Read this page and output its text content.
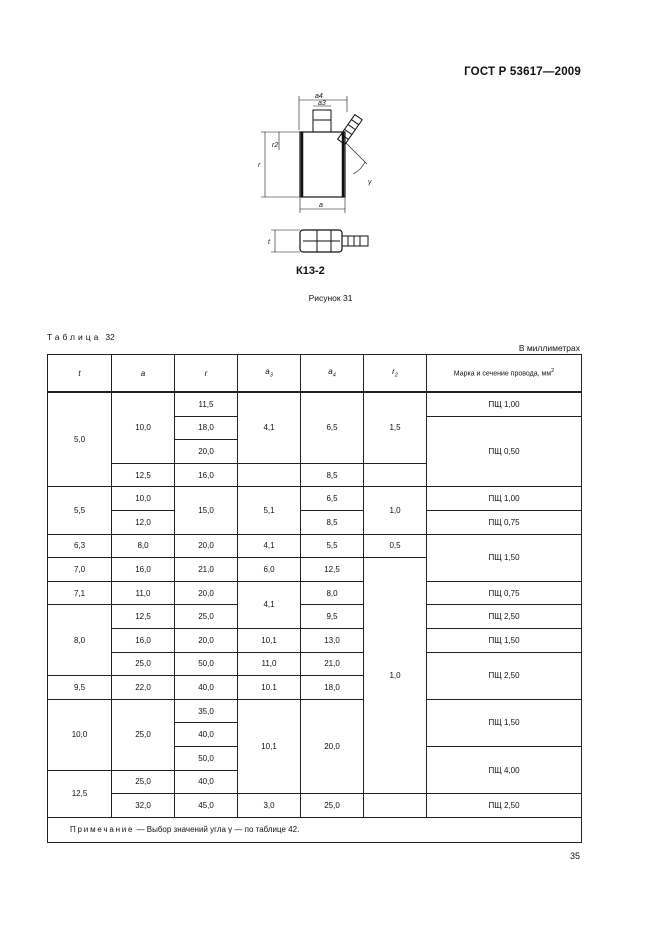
ГОСТ Р 53617—2009
a4
a3
r2
r
γ
a
t
К13-2
Рисунок 31
Таблица 32
В миллиметрах
t	a	r	$a_3$	$a_4$	$r_2$	Марка и сечение провода, $мм^2$
5,0	10,0	11,5	4,1	6,5	1,5	ПЩ 1,00
		18,0				ПЩ 0,50
		20,0				
	12,5	16,0		8,5		
5,5	10,0	15,0	5,1	6,5	1,0	ПЩ 1,00
	12,0			8,5		ПЩ 0,75
6,3	8,0	20,0	4,1	5,5	0,5	ПЩ 1,50
7,0	16,0	21,0	6,0	12,5	1,0	
7,1	11,0	20,0	4,1	8,0		ПЩ 0,75
8,0	12,5	25,0		9,5		ПЩ 2,50
	16,0	20,0	10,1	13,0		ПЩ 1,50
	25,0	50,0	11,0	21,0		ПЩ 2,50
9,5	22,0	40,0	10.1	18,0		
10,0	25,0	35,0	10,1	20,0		ПЩ 1,50
		40,0				
		50,0				ПЩ 4,00
12,5	25,0	40,0				
	32,0	45,0	3,0	25,0		ПЩ 2,50
Примечание — Выбор значений угла γ — по таблице 42.						
35
